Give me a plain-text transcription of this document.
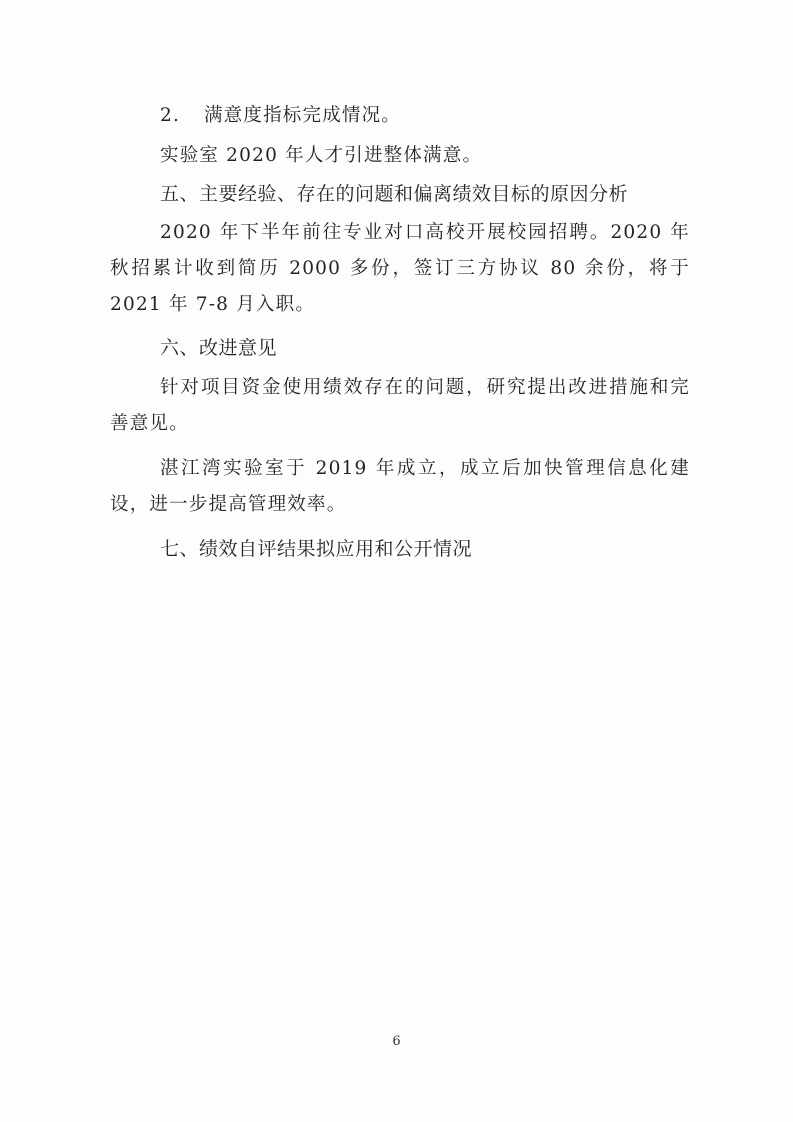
2. 满意度指标完成情况。
实验室 2020 年人才引进整体满意。
五、主要经验、存在的问题和偏离绩效目标的原因分析
2020 年下半年前往专业对口高校开展校园招聘。2020 年秋招累计收到简历 2000 多份，签订三方协议 80 余份，将于 2021 年 7-8 月入职。
六、改进意见
针对项目资金使用绩效存在的问题，研究提出改进措施和完善意见。
湛江湾实验室于 2019 年成立，成立后加快管理信息化建设，进一步提高管理效率。
七、绩效自评结果拟应用和公开情况
6
